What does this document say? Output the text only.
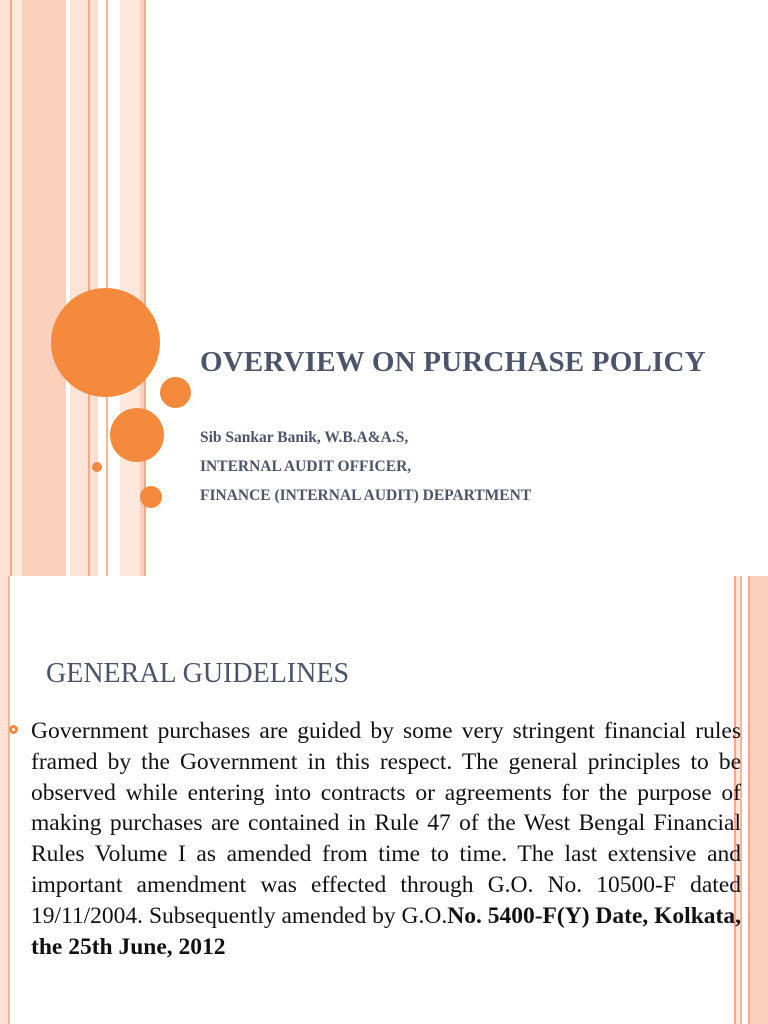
OVERVIEW ON PURCHASE POLICY
Sib Sankar Banik, W.B.A&A.S,
INTERNAL AUDIT OFFICER,
FINANCE (INTERNAL AUDIT) DEPARTMENT
GENERAL GUIDELINES
Government purchases are guided by some very stringent financial rules framed by the Government in this respect. The general principles to be observed while entering into contracts or agreements for the purpose of making purchases are contained in Rule 47 of the West Bengal Financial Rules Volume I as amended from time to time. The last extensive and important amendment was effected through G.O. No. 10500-F dated 19/11/2004. Subsequently amended by G.O.No. 5400-F(Y) Date, Kolkata, the 25th June, 2012
